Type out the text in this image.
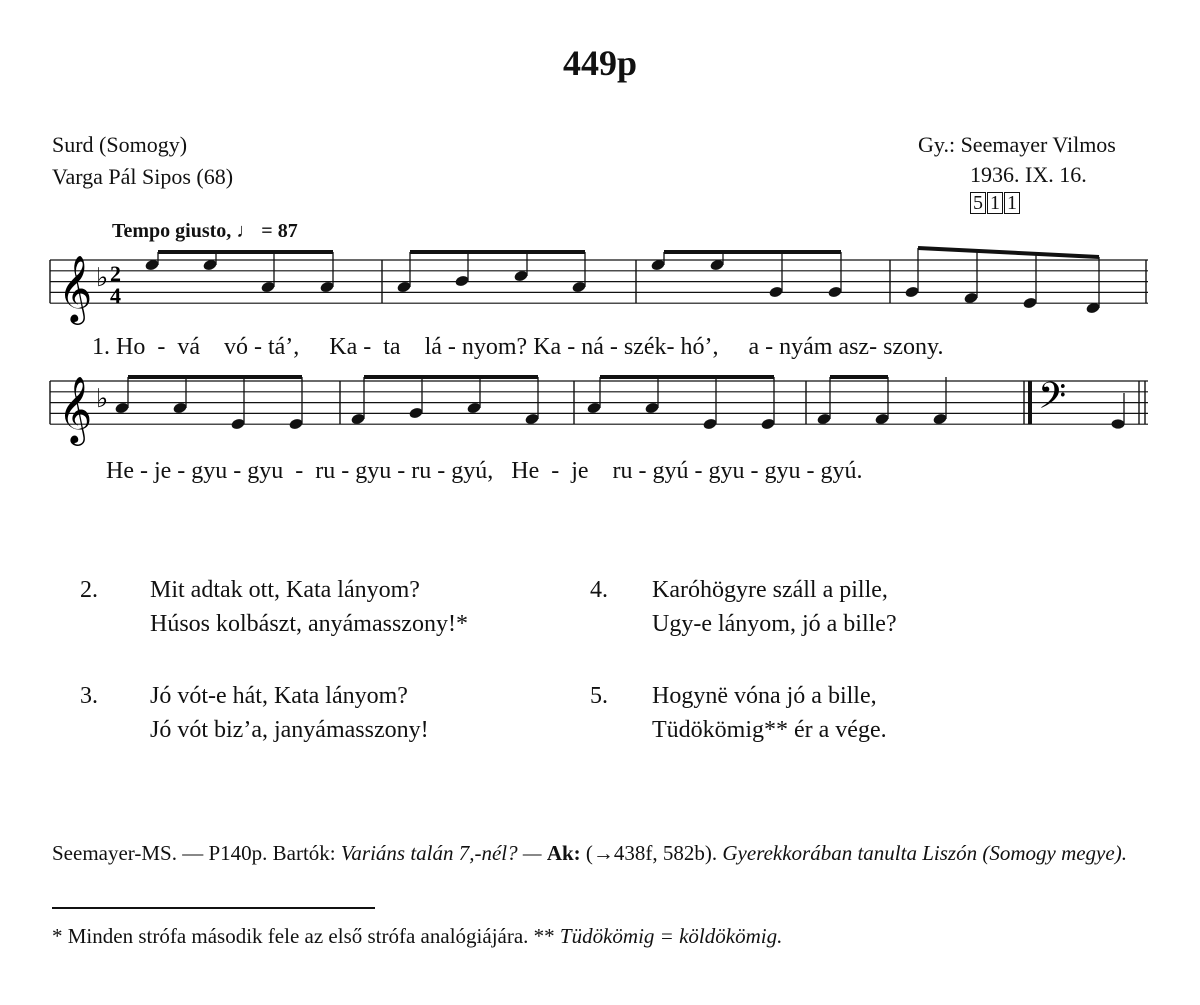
449p
Surd (Somogy)
Varga Pál Sipos (68)
Gy.: Seemayer Vilmos
1936. IX. 16.
5 1 1
Tempo giusto, ♩ = 87
𝄞 ♭ 2
4
𝄞 ♭	𝄢
1. Ho  -  vá    vó - tá’,     Ka -  ta    lá - nyom? Ka - ná - szék- hó’,     a - nyám asz- szony.
He - je - gyu - gyu  -  ru - gyu - ru - gyú,   He  -  je    ru - gyú - gyu - gyu - gyú.
2. Mit adtak ott, Kata lányom?
Húsos kolbászt, anyámasszony!*
3. Jó vót-e hát, Kata lányom?
Jó vót biz’a, janyámasszony!
4. Karóhögyre száll a pille,
Ugy-e lányom, jó a bille?
5. Hogynë vóna jó a bille,
Tüdökömig** ér a vége.
Seemayer-MS. — P140p. Bartók: Variáns talán 7,-nél? — Ak: (→438f, 582b). Gyerekkorában tanulta Liszón (Somogy megye).
* Minden strófa második fele az első strófa analógiájára. ** Tüdökömig = köldökömig.
